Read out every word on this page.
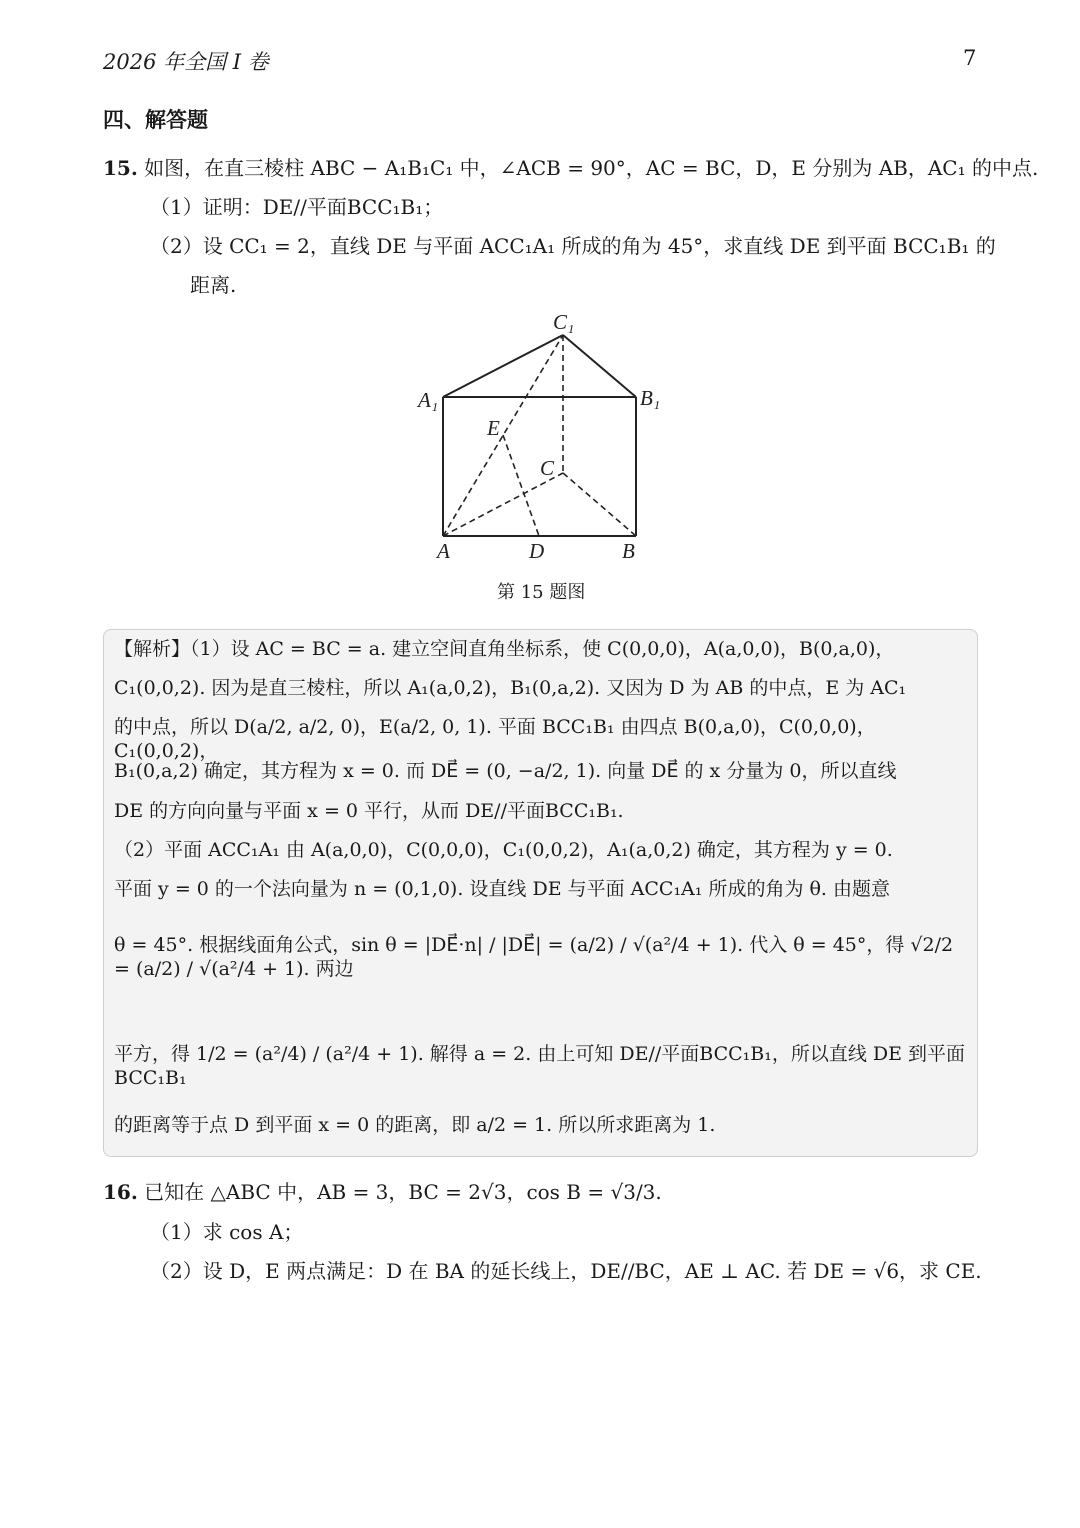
2026 年全国 I 卷	7
四、解答题
15. 如图，在直三棱柱 ABC − A₁B₁C₁ 中，∠ACB = 90°，AC = BC，D，E 分别为 AB，AC₁ 的中点.
（1）证明：DE//平面BCC₁B₁；
（2）设 CC₁ = 2，直线 DE 与平面 ACC₁A₁ 所成的角为 45°，求直线 DE 到平面 BCC₁B₁ 的
距离.
C₁
A₁	B₁
E
C
A	D	B
第 15 题图
【解析】（1）设 AC = BC = a. 建立空间直角坐标系，使 C(0,0,0)，A(a,0,0)，B(0,a,0)，
C₁(0,0,2). 因为是直三棱柱，所以 A₁(a,0,2)，B₁(0,a,2). 又因为 D 为 AB 的中点，E 为 AC₁
的中点，所以 D(a/2, a/2, 0)，E(a/2, 0, 1). 平面 BCC₁B₁ 由四点 B(0,a,0)，C(0,0,0)，C₁(0,0,2)，
B₁(0,a,2) 确定，其方程为 x = 0. 而 DE⃗ = (0, −a/2, 1). 向量 DE⃗ 的 x 分量为 0，所以直线
DE 的方向向量与平面 x = 0 平行，从而 DE//平面BCC₁B₁.
（2）平面 ACC₁A₁ 由 A(a,0,0)，C(0,0,0)，C₁(0,0,2)，A₁(a,0,2) 确定，其方程为 y = 0.
平面 y = 0 的一个法向量为 n = (0,1,0). 设直线 DE 与平面 ACC₁A₁ 所成的角为 θ. 由题意
θ = 45°. 根据线面角公式，sin θ = |DE⃗·n| / |DE⃗| = (a/2) / √(a²/4 + 1). 代入 θ = 45°，得 √2/2 = (a/2) / √(a²/4 + 1). 两边
平方，得 1/2 = (a²/4) / (a²/4 + 1). 解得 a = 2. 由上可知 DE//平面BCC₁B₁，所以直线 DE 到平面 BCC₁B₁
的距离等于点 D 到平面 x = 0 的距离，即 a/2 = 1. 所以所求距离为 1.
16. 已知在 △ABC 中，AB = 3，BC = 2√3，cos B = √3/3.
（1）求 cos A；
（2）设 D，E 两点满足：D 在 BA 的延长线上，DE//BC，AE ⊥ AC. 若 DE = √6，求 CE.
